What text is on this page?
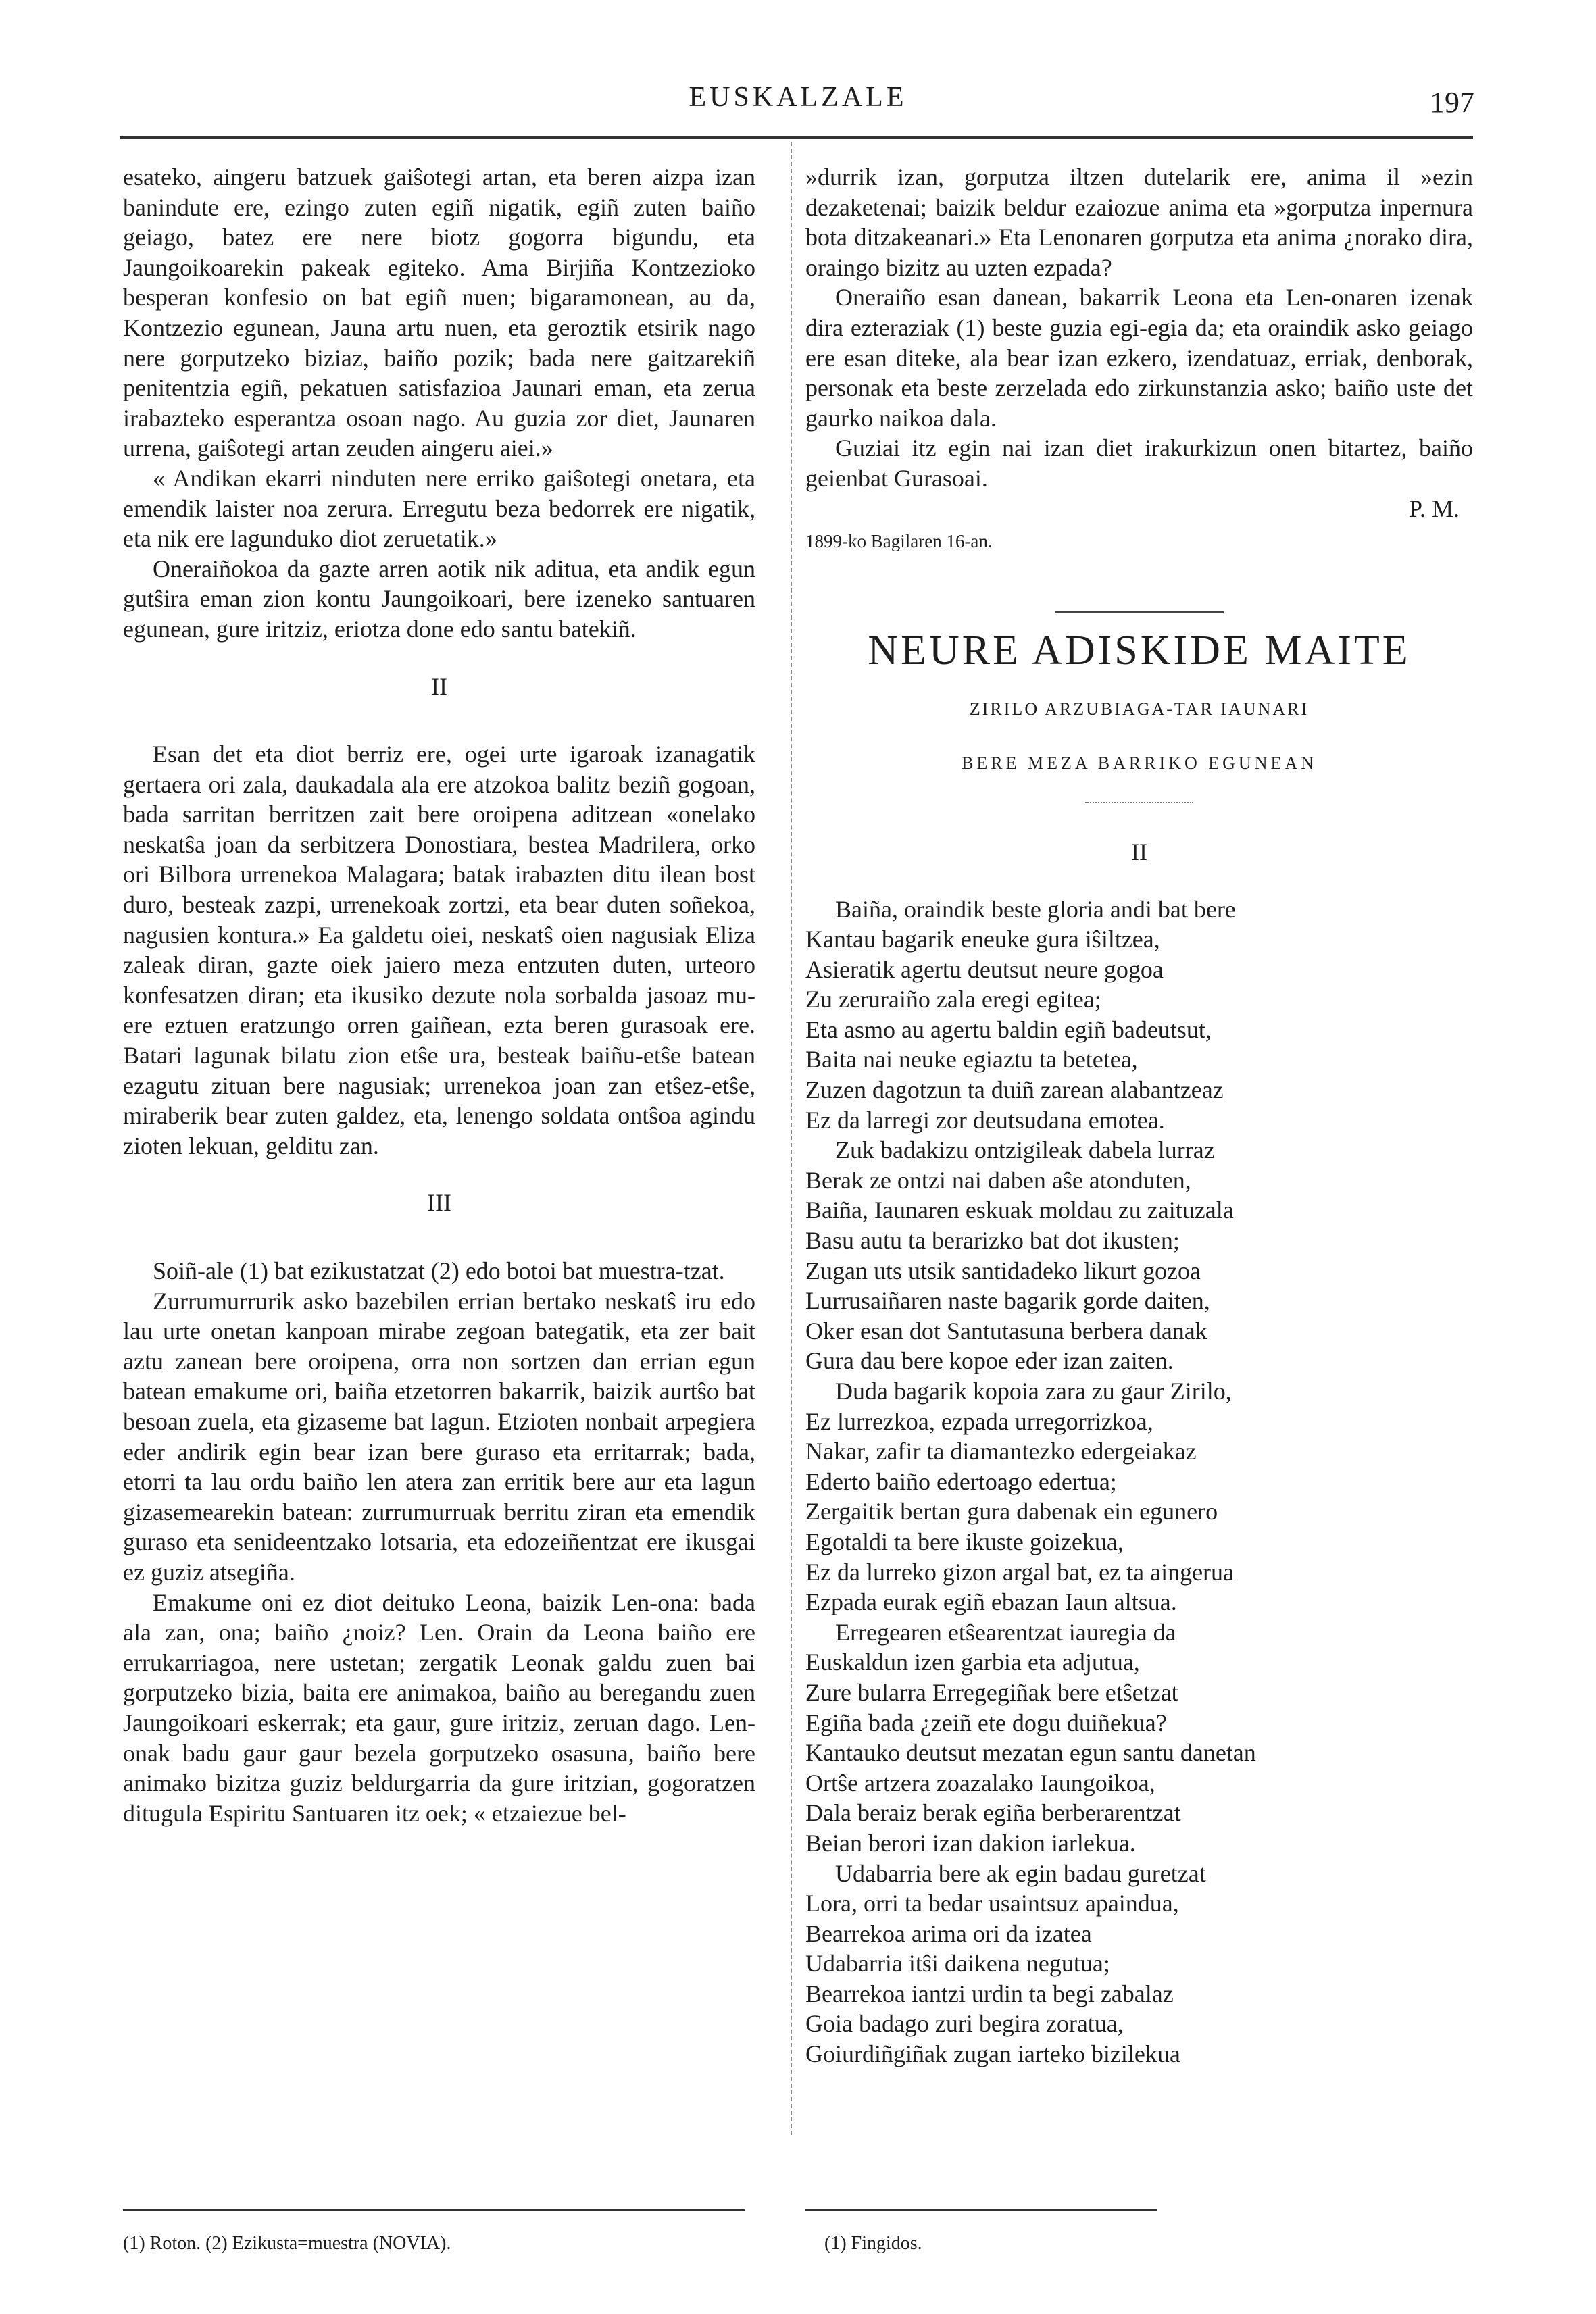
EUSKALZALE	197

esateko, aingeru batzuek gaiŝotegi artan, eta beren aizpa izan banindute ere, ezingo zuten egiñ nigatik, egiñ zuten baiño geiago, batez ere nere biotz gogorra bigundu, eta Jaungoikoarekin pakeak egiteko. Ama Birjiña Kontzezioko besperan konfesio on bat egiñ nuen; bigaramonean, au da, Kontzezio egunean, Jauna artu nuen, eta geroztik etsirik nago nere gorputzeko biziaz, baiño pozik; bada nere gaitzarekiñ penitentzia egiñ, pekatuen satisfazioa Jaunari eman, eta zerua irabazteko esperantza osoan nago. Au guzia zor diet, Jaunaren urrena, gaiŝotegi artan zeuden aingeru aiei.»

« Andikan ekarri ninduten nere erriko gaiŝotegi onetara, eta emendik laister noa zerura. Erregutu beza bedorrek ere nigatik, eta nik ere lagunduko diot zeruetatik.»

Oneraiñokoa da gazte arren aotik nik aditua, eta andik egun gutŝira eman zion kontu Jaungoikoari, bere izeneko santuaren egunean, gure iritziz, eriotza done edo santu batekiñ.

II

Esan det eta diot berriz ere, ogei urte igaroak izanagatik gertaera ori zala, daukadala ala ere atzokoa balitz beziñ gogoan, bada sarritan berritzen zait bere oroipena aditzean «onelako neskatŝa joan da serbitzera Donostiara, bestea Madrilera, orko ori Bilbora urrenekoa Malagara; batak irabazten ditu ilean bost duro, besteak zazpi, urrenekoak zortzi, eta bear duten soñekoa, nagusien kontura.» Ea galdetu oiei, neskatŝ oien nagusiak Eliza zaleak diran, gazte oiek jaiero meza entzuten duten, urteoro konfesatzen diran; eta ikusiko dezute nola sorbalda jasoaz mu-ere eztuen eratzungo orren gaiñean, ezta beren gurasoak ere. Batari lagunak bilatu zion etŝe ura, besteak baiñu-etŝe batean ezagutu zituan bere nagusiak; urrenekoa joan zan etŝez-etŝe, miraberik bear zuten galdez, eta, lenengo soldata ontŝoa agindu zioten lekuan, gelditu zan.

III

Soiñ-ale (1) bat ezikustatzat (2) edo botoi bat muestra-tzat.

Zurrumurrurik asko bazebilen errian bertako neskatŝ iru edo lau urte onetan kanpoan mirabe zegoan bategatik, eta zer bait aztu zanean bere oroipena, orra non sortzen dan errian egun batean emakume ori, baiña etzetorren bakarrik, baizik aurtŝo bat besoan zuela, eta gizaseme bat lagun. Etzioten nonbait arpegiera eder andirik egin bear izan bere guraso eta erritarrak; bada, etorri ta lau ordu baiño len atera zan erritik bere aur eta lagun gizasemearekin batean: zurrumurruak berritu ziran eta emendik guraso eta senideentzako lotsaria, eta edozeiñentzat ere ikusgai ez guziz atsegiña.

Emakume oni ez diot deituko Leona, baizik Len-ona: bada ala zan, ona; baiño ¿noiz? Len. Orain da Leona baiño ere errukarriagoa, nere ustetan; zergatik Leonak galdu zuen bai gorputzeko bizia, baita ere animakoa, baiño au beregandu zuen Jaungoikoari eskerrak; eta gaur, gure iritziz, zeruan dago. Len-onak badu gaur gaur bezela gorputzeko osasuna, baiño bere animako bizitza guziz beldurgarria da gure iritzian, gogoratzen ditugula Espiritu Santuaren itz oek; « etzaiezue bel-

»durrik izan, gorputza iltzen dutelarik ere, anima il »ezin dezaketenai; baizik beldur ezaiozue anima eta »gorputza inpernura bota ditzakeanari.» Eta Lenonaren gorputza eta anima ¿norako dira, oraingo bizitz au uzten ezpada?

Oneraiño esan danean, bakarrik Leona eta Len-onaren izenak dira ezteraziak (1) beste guzia egi-egia da; eta oraindik asko geiago ere esan diteke, ala bear izan ezkero, izendatuaz, erriak, denborak, personak eta beste zerzelada edo zirkunstanzia asko; baiño uste det gaurko naikoa dala.

Guziai itz egin nai izan diet irakurkizun onen bitartez, baiño geienbat Gurasoai.

P. M.

1899-ko Bagilaren 16-an.

NEURE ADISKIDE MAITE

ZIRILO ARZUBIAGA-TAR IAUNARI

BERE MEZA BARRIKO EGUNEAN

II

Baiña, oraindik beste gloria andi bat bere

Kantau bagarik eneuke gura iŝiltzea,

Asieratik agertu deutsut neure gogoa

Zu zeruraiño zala eregi egitea;

Eta asmo au agertu baldin egiñ badeutsut,

Baita nai neuke egiaztu ta betetea,

Zuzen dagotzun ta duiñ zarean alabantzeaz

Ez da larregi zor deutsudana emotea.

Zuk badakizu ontzigileak dabela lurraz

Berak ze ontzi nai daben aŝe atonduten,

Baiña, Iaunaren eskuak moldau zu zaituzala

Basu autu ta berarizko bat dot ikusten;

Zugan uts utsik santidadeko likurt gozoa

Lurrusaiñaren naste bagarik gorde daiten,

Oker esan dot Santutasuna berbera danak

Gura dau bere kopoe eder izan zaiten.

Duda bagarik kopoia zara zu gaur Zirilo,

Ez lurrezkoa, ezpada urregorrizkoa,

Nakar, zafir ta diamantezko edergeiakaz

Ederto baiño edertoago edertua;

Zergaitik bertan gura dabenak ein egunero

Egotaldi ta bere ikuste goizekua,

Ez da lurreko gizon argal bat, ez ta aingerua

Ezpada eurak egiñ ebazan Iaun altsua.

Erregearen etŝearentzat iauregia da

Euskaldun izen garbia eta adjutua,

Zure bularra Erregegiñak bere etŝetzat

Egiña bada ¿zeiñ ete dogu duiñekua?

Kantauko deutsut mezatan egun santu danetan

Ortŝe artzera zoazalako Iaungoikoa,

Dala beraiz berak egiña berberarentzat

Beian berori izan dakion iarlekua.

Udabarria bere ak egin badau guretzat

Lora, orri ta bedar usaintsuz apaindua,

Bearrekoa arima ori da izatea

Udabarria itŝi daikena negutua;

Bearrekoa iantzi urdin ta begi zabalaz

Goia badago zuri begira zoratua,

Goiurdiñgiñak zugan iarteko bizilekua

(1) Roton. (2) Ezikusta=muestra (NOVIA).	(1) Fingidos.
